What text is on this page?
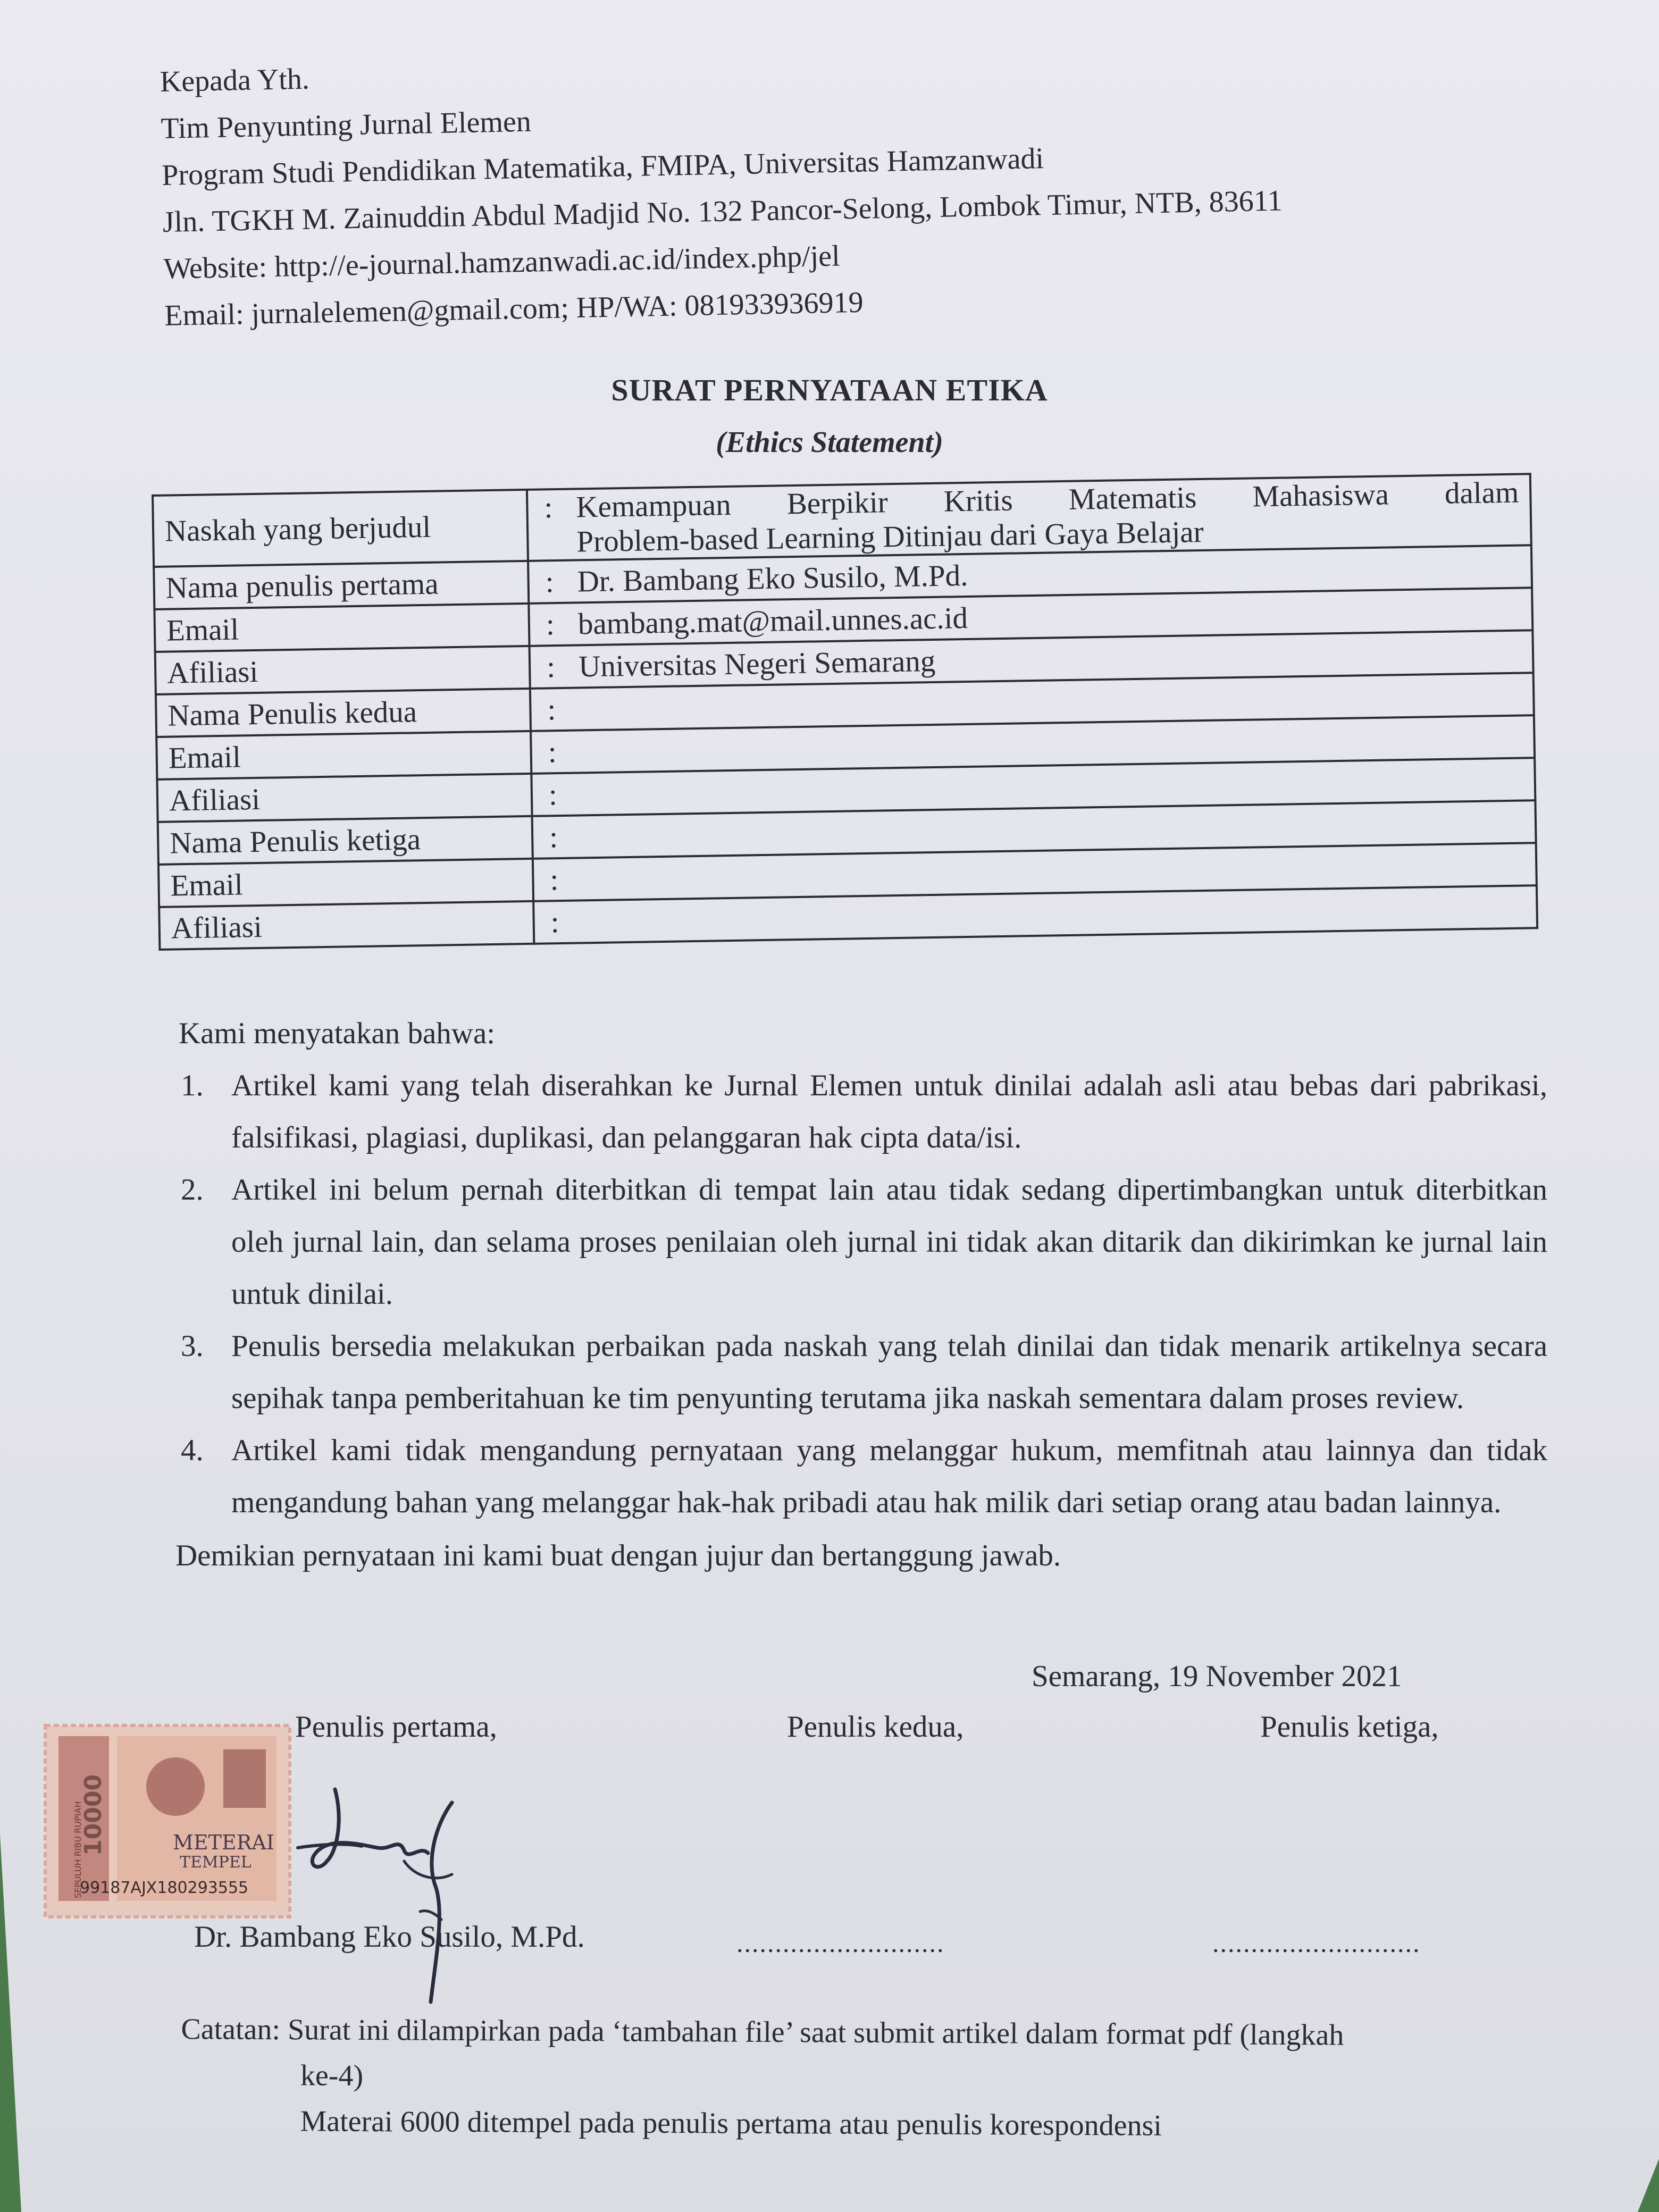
Kepada Yth.
Tim Penyunting Jurnal Elemen
Program Studi Pendidikan Matematika, FMIPA, Universitas Hamzanwadi
Jln. TGKH M. Zainuddin Abdul Madjid No. 132 Pancor-Selong, Lombok Timur, NTB, 83611
Website: http://e-journal.hamzanwadi.ac.id/index.php/jel
Email: jurnalelemen@gmail.com; HP/WA: 081933936919
SURAT PERNYATAAN ETIKA
(Ethics Statement)
Naskah yang berjudul	: Kemampuan Berpikir Kritis Matematis Mahasiswa dalam
Problem-based Learning Ditinjau dari Gaya Belajar

Nama penulis pertama	: Dr. Bambang Eko Susilo, M.Pd.
Email	: bambang.mat@mail.unnes.ac.id
Afiliasi	: Universitas Negeri Semarang
Nama Penulis kedua	:
Email	:
Afiliasi	:
Nama Penulis ketiga	:
Email	:
Afiliasi	:
Kami menyatakan bahwa:
1. Artikel kami yang telah diserahkan ke Jurnal Elemen untuk dinilai adalah asli atau bebas dari pabrikasi, falsifikasi, plagiasi, duplikasi, dan pelanggaran hak cipta data/isi.
2. Artikel ini belum pernah diterbitkan di tempat lain atau tidak sedang dipertimbangkan untuk diterbitkan oleh jurnal lain, dan selama proses penilaian oleh jurnal ini tidak akan ditarik dan dikirimkan ke jurnal lain untuk dinilai.
3. Penulis bersedia melakukan perbaikan pada naskah yang telah dinilai dan tidak menarik artikelnya secara sepihak tanpa pemberitahuan ke tim penyunting terutama jika naskah sementara dalam proses review.
4. Artikel kami tidak mengandung pernyataan yang melanggar hukum, memfitnah atau lainnya dan tidak mengandung bahan yang melanggar hak-hak pribadi atau hak milik dari setiap orang atau badan lainnya.
Demikian pernyataan ini kami buat dengan jujur dan bertanggung jawab.
Semarang, 19 November 2021
Penulis pertama,	Penulis kedua,	Penulis ketiga,
SEPULUH RIBU RUPIAH
10000	METERAI
TEMPEL
99187AJX180293555
Dr. Bambang Eko Susilo, M.Pd.	...........................	...........................
Catatan: Surat ini dilampirkan pada ‘tambahan file’ saat submit artikel dalam format pdf (langkah
ke-4)
Materai 6000 ditempel pada penulis pertama atau penulis korespondensi
